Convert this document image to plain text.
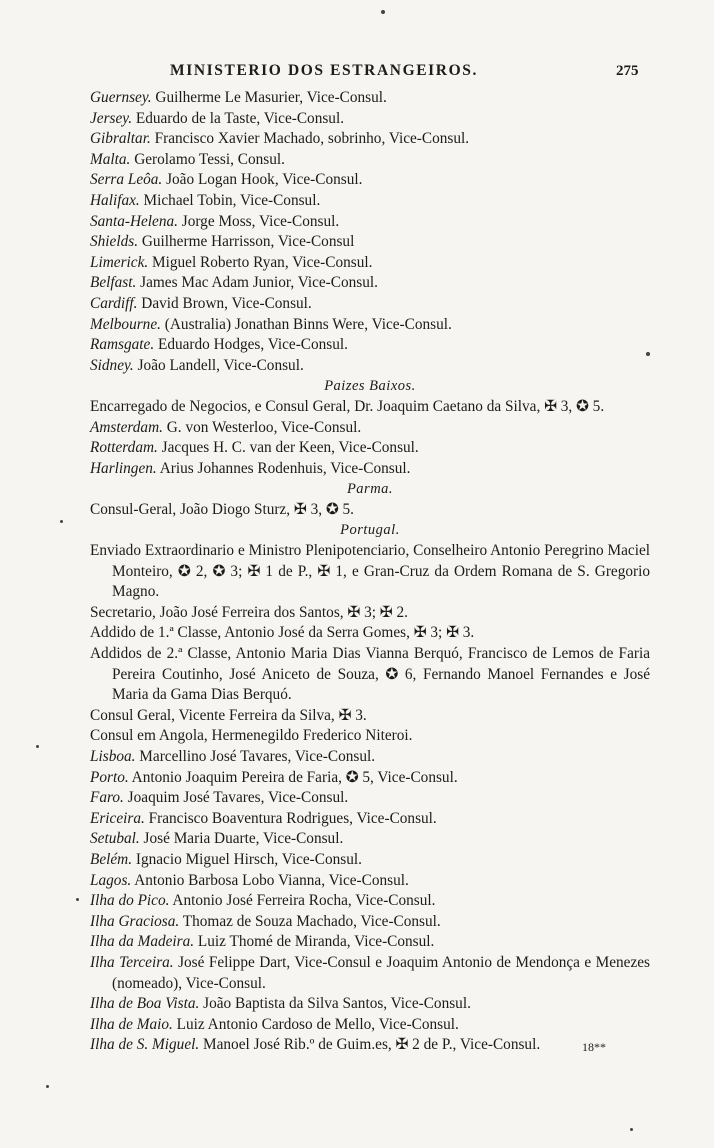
MINISTERIO DOS ESTRANGEIROS.	275
Guernsey. Guilherme Le Masurier, Vice-Consul.
Jersey. Eduardo de la Taste, Vice-Consul.
Gibraltar. Francisco Xavier Machado, sobrinho, Vice-Consul.
Malta. Gerolamo Tessi, Consul.
Serra Leôa. João Logan Hook, Vice-Consul.
Halifax. Michael Tobin, Vice-Consul.
Santa-Helena. Jorge Moss, Vice-Consul.
Shields. Guilherme Harrisson, Vice-Consul
Limerick. Miguel Roberto Ryan, Vice-Consul.
Belfast. James Mac Adam Junior, Vice-Consul.
Cardiff. David Brown, Vice-Consul.
Melbourne. (Australia) Jonathan Binns Were, Vice-Consul.
Ramsgate. Eduardo Hodges, Vice-Consul.
Sidney. João Landell, Vice-Consul.
Paizes Baixos.
Encarregado de Negocios, e Consul Geral, Dr. Joaquim Caetano da Silva, ✠ 3, ✪ 5.
Amsterdam. G. von Westerloo, Vice-Consul.
Rotterdam. Jacques H. C. van der Keen, Vice-Consul.
Harlingen. Arius Johannes Rodenhuis, Vice-Consul.
Parma.
Consul-Geral, João Diogo Sturz, ✠ 3, ✪ 5.
Portugal.
Enviado Extraordinario e Ministro Plenipotenciario, Conselheiro Antonio Peregrino Maciel Monteiro, ✪ 2, ✪ 3; ✠ 1 de P., ✠ 1, e Gran-Cruz da Ordem Romana de S. Gregorio Magno.
Secretario, João José Ferreira dos Santos, ✠ 3; ✠ 2.
Addido de 1.ª Classe, Antonio José da Serra Gomes, ✠ 3; ✠ 3.
Addidos de 2.ª Classe, Antonio Maria Dias Vianna Berquó, Francisco de Lemos de Faria Pereira Coutinho, José Aniceto de Souza, ✪ 6, Fernando Manoel Fernandes e José Maria da Gama Dias Berquó.
Consul Geral, Vicente Ferreira da Silva, ✠ 3.
Consul em Angola, Hermenegildo Frederico Niteroi.
Lisboa. Marcellino José Tavares, Vice-Consul.
Porto. Antonio Joaquim Pereira de Faria, ✪ 5, Vice-Consul.
Faro. Joaquim José Tavares, Vice-Consul.
Ericeira. Francisco Boaventura Rodrigues, Vice-Consul.
Setubal. José Maria Duarte, Vice-Consul.
Belém. Ignacio Miguel Hirsch, Vice-Consul.
Lagos. Antonio Barbosa Lobo Vianna, Vice-Consul.
Ilha do Pico. Antonio José Ferreira Rocha, Vice-Consul.
Ilha Graciosa. Thomaz de Souza Machado, Vice-Consul.
Ilha da Madeira. Luiz Thomé de Miranda, Vice-Consul.
Ilha Terceira. José Felippe Dart, Vice-Consul e Joaquim Antonio de Mendonça e Menezes (nomeado), Vice-Consul.
Ilha de Boa Vista. João Baptista da Silva Santos, Vice-Consul.
Ilha de Maio. Luiz Antonio Cardoso de Mello, Vice-Consul.
Ilha de S. Miguel. Manoel José Rib.º de Guim.es, ✠ 2 de P., Vice-Consul.	18**
